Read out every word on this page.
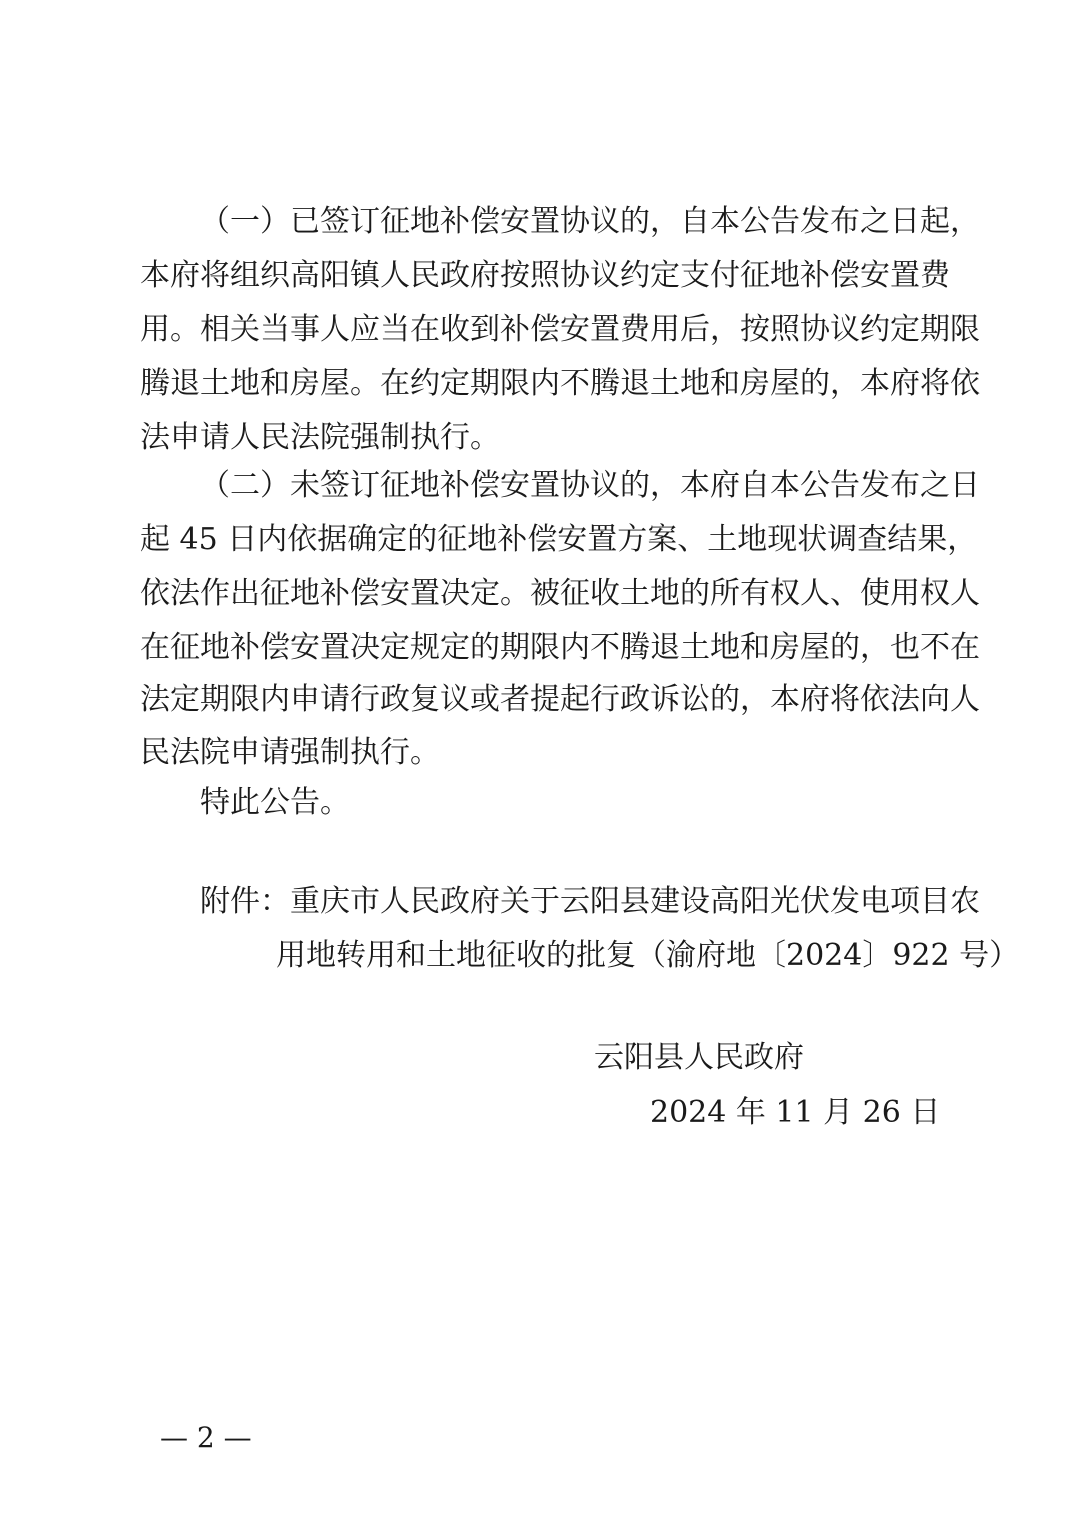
（一）已签订征地补偿安置协议的，自本公告发布之日起，
本府将组织高阳镇人民政府按照协议约定支付征地补偿安置费
用。相关当事人应当在收到补偿安置费用后，按照协议约定期限
腾退土地和房屋。在约定期限内不腾退土地和房屋的，本府将依
法申请人民法院强制执行。
（二）未签订征地补偿安置协议的，本府自本公告发布之日
起 45 日内依据确定的征地补偿安置方案、土地现状调查结果，
依法作出征地补偿安置决定。被征收土地的所有权人、使用权人
在征地补偿安置决定规定的期限内不腾退土地和房屋的，也不在
法定期限内申请行政复议或者提起行政诉讼的，本府将依法向人
民法院申请强制执行。
特此公告。
附件：重庆市人民政府关于云阳县建设高阳光伏发电项目农
用地转用和土地征收的批复（渝府地〔2024〕922 号）
云阳县人民政府
2024 年 11 月 26 日
— 2 —
